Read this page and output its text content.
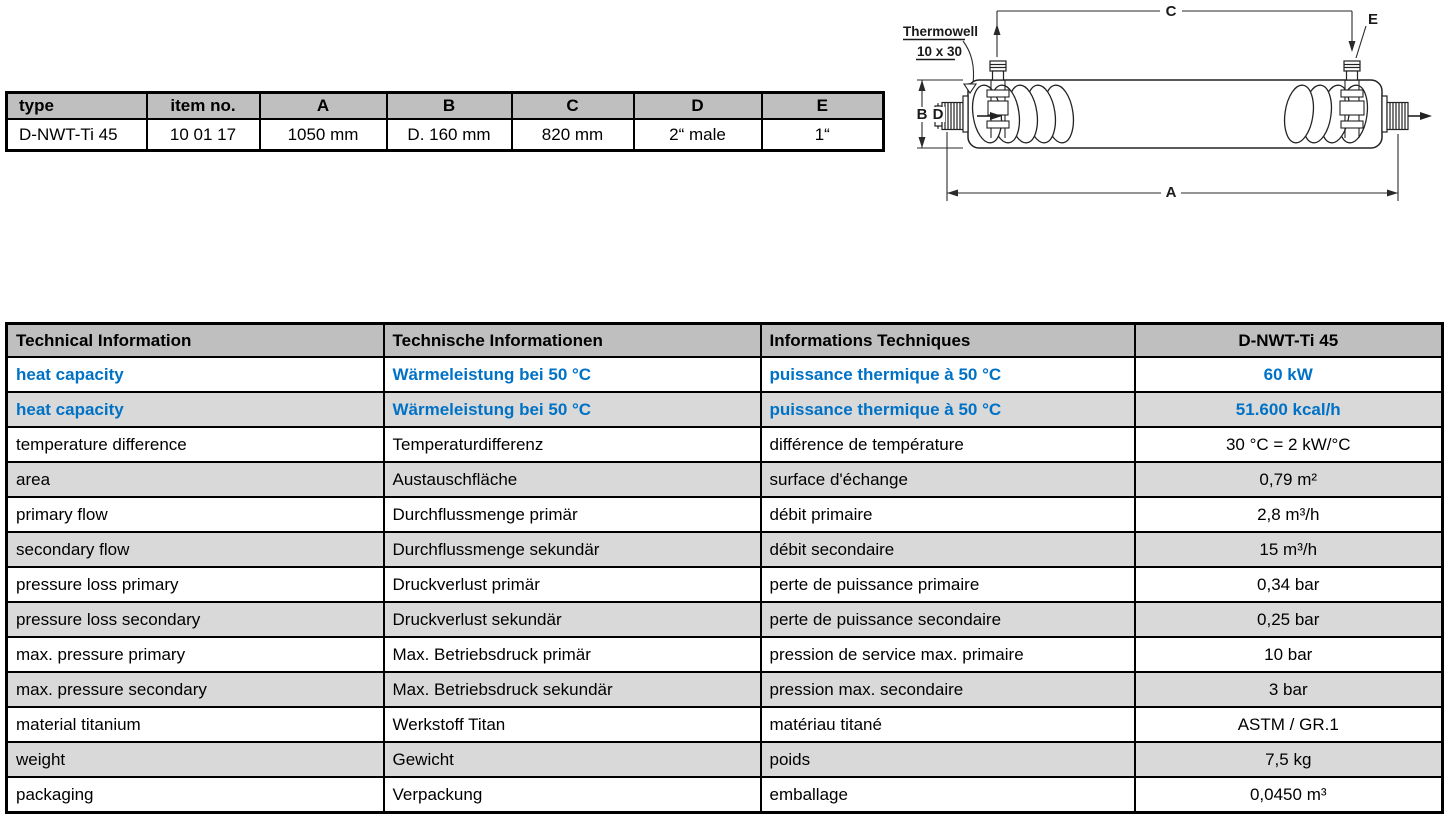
type	item no.	A	B	C	D	E
D-NWT-Ti 45	10 01 17	1050 mm	D. 160 mm	820 mm	2“ male	1“
C	E
B D
A
Thermowell
10 x 30
Technical Information	Technische Informationen	Informations Techniques	D-NWT-Ti 45
heat capacity	Wärmeleistung bei 50 °C	puissance thermique à 50 °C	60 kW
heat capacity	Wärmeleistung bei 50 °C	puissance thermique à 50 °C	51.600 kcal/h
temperature difference	Temperaturdifferenz	différence de température	30 °C = 2 kW/°C
area	Austauschfläche	surface d'échange	0,79 m²
primary flow	Durchflussmenge primär	débit primaire	2,8 m³/h
secondary flow	Durchflussmenge sekundär	débit secondaire	15 m³/h
pressure loss primary	Druckverlust primär	perte de puissance primaire	0,34 bar
pressure loss secondary	Druckverlust sekundär	perte de puissance secondaire	0,25 bar
max. pressure primary	Max. Betriebsdruck primär	pression de service max. primaire	10 bar
max. pressure secondary	Max. Betriebsdruck sekundär	pression max. secondaire	3 bar
material titanium	Werkstoff Titan	matériau titané	ASTM / GR.1
weight	Gewicht	poids	7,5 kg
packaging	Verpackung	emballage	0,0450 m³
